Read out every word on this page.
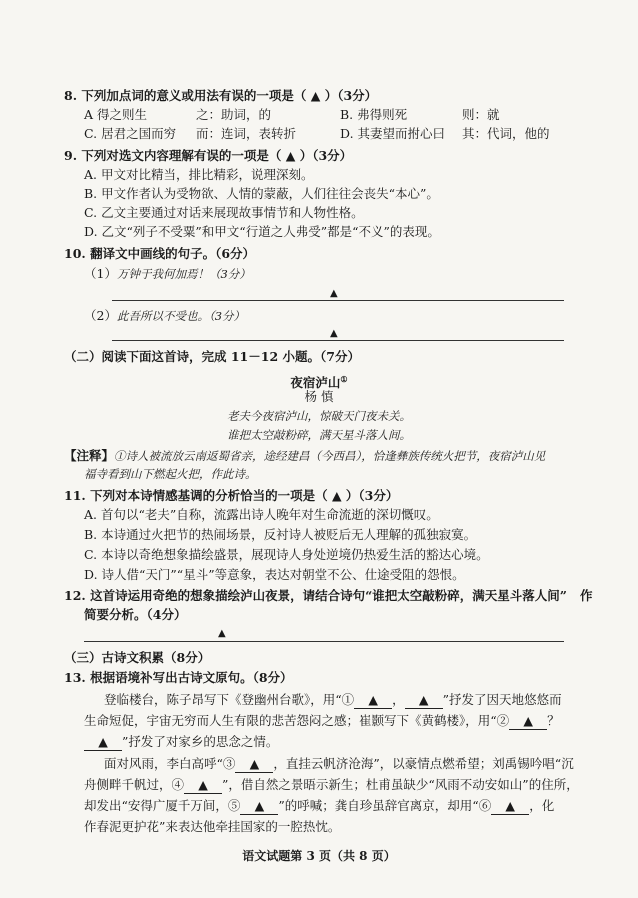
8. 下列加点词的意义或用法有误的一项是（ ▲ ）（3分）
A 得之则生	之：助词，的	B. 弗得则死	则：就
C. 居君之国而穷 而：连词，表转折	D. 其妻望而拊心曰 其：代词，他的
9. 下列对选文内容理解有误的一项是（ ▲ ）（3分）
A. 甲文对比精当，排比精彩，说理深刻。
B. 甲文作者认为受物欲、人情的蒙蔽，人们往往会丧失“本心”。
C. 乙文主要通过对话来展现故事情节和人物性格。
D. 乙文“列子不受粟”和甲文“行道之人弗受”都是“不义”的表现。
10. 翻译文中画线的句子。（6分）
（1）万钟于我何加焉！（3分）
▲
（2）此吾所以不受也。（3分）
▲
（二）阅读下面这首诗，完成 11－12 小题。（7分）
夜宿泸山①
杨 慎
老夫今夜宿泸山，惊破天门夜未关。
谁把太空敲粉碎，满天星斗落人间。
【注释】①诗人被流放云南返蜀省亲，途经建昌（今西昌），恰逢彝族传统火把节，夜宿泸山见
福寺看到山下燃起火把，作此诗。
11. 下列对本诗情感基调的分析恰当的一项是（ ▲ ）（3分）
A. 首句以“老夫”自称，流露出诗人晚年对生命流逝的深切慨叹。
B. 本诗通过火把节的热闹场景，反衬诗人被贬后无人理解的孤独寂寞。
C. 本诗以奇绝想象描绘盛景，展现诗人身处逆境仍热爱生活的豁达心境。
D. 诗人借“天门”“星斗”等意象，表达对朝堂不公、仕途受阻的怨恨。
12. 这首诗运用奇绝的想象描绘泸山夜景，请结合诗句“谁把太空敲粉碎，满天星斗落人间” 作
简要分析。（4分）
▲
（三）古诗文积累（8分）
13. 根据语境补写出古诗文原句。（8分）
登临楼台，陈子昂写下《登幽州台歌》，用“① ▲ ， ▲ ”抒发了因天地悠悠而
生命短促，宇宙无穷而人生有限的悲苦怨闷之感；崔颢写下《黄鹤楼》，用“② ▲ ？
▲ ”抒发了对家乡的思念之情。
面对风雨，李白高呼“③ ▲ ，直挂云帆济沧海”，以豪情点燃希望；刘禹锡吟唱“沉
舟侧畔千帆过，④ ▲ ”，借自然之景晤示新生；杜甫虽缺少“风雨不动安如山”的住所，
却发出“安得广厦千万间，⑤ ▲ ”的呼喊；龚自珍虽辞官离京，却用“⑥ ▲ ，化
作春泥更护花”来表达他牵挂国家的一腔热忱。
语文试题第 3 页（共 8 页）
